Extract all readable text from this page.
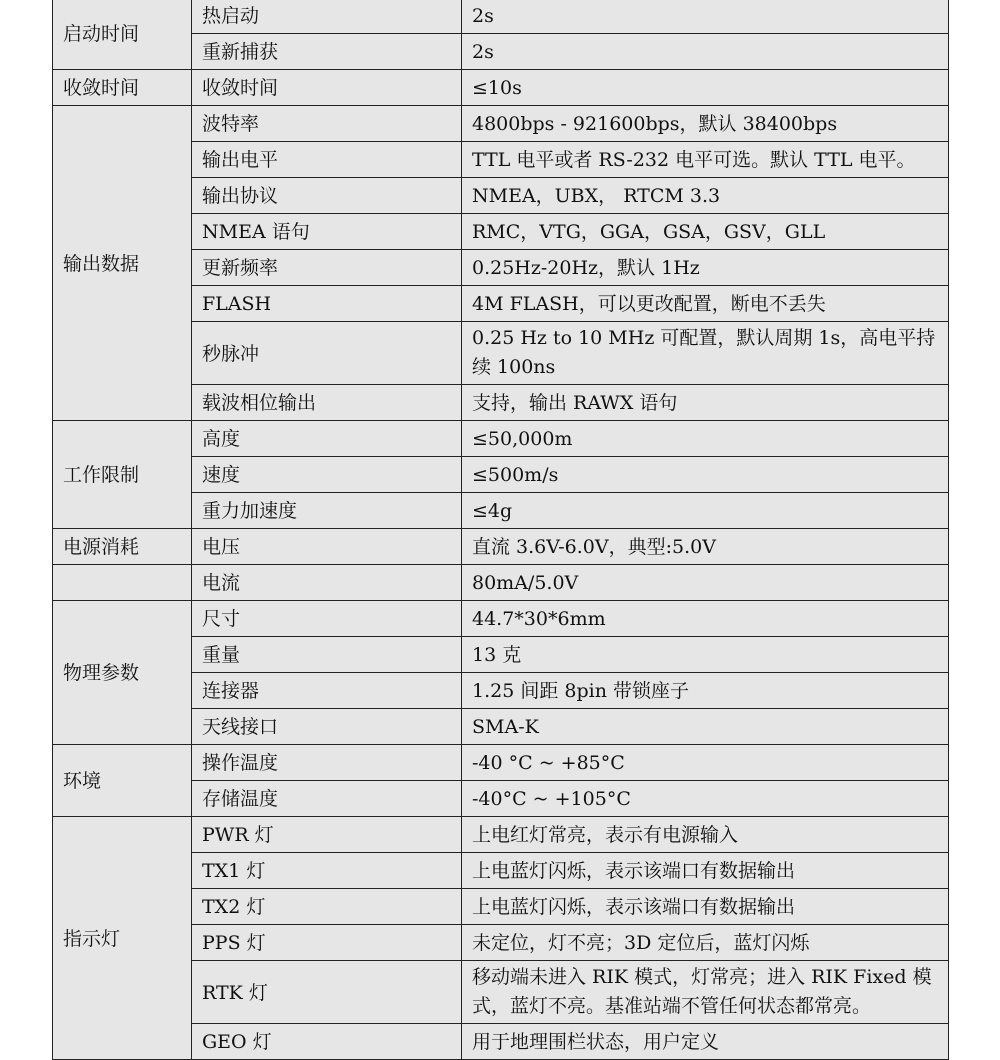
启动时间	热启动	2s
	重新捕获	2s
收敛时间	收敛时间	≤10s
输出数据	波特率	4800bps - 921600bps，默认 38400bps
	输出电平	TTL 电平或者 RS-232 电平可选。默认 TTL 电平。
	输出协议	NMEA，UBX， RTCM 3.3
	NMEA 语句	RMC，VTG，GGA，GSA，GSV，GLL
	更新频率	0.25Hz-20Hz，默认 1Hz
	FLASH	4M FLASH，可以更改配置，断电不丢失
	秒脉冲	0.25 Hz to 10 MHz 可配置，默认周期 1s，高电平持续 100ns
	载波相位输出	支持，输出 RAWX 语句
工作限制	高度	≤50,000m
	速度	≤500m/s
	重力加速度	≤4g
电源消耗	电压	直流 3.6V-6.0V，典型:5.0V
	电流	80mA/5.0V
物理参数	尺寸	44.7*30*6mm
	重量	13 克
	连接器	1.25 间距 8pin 带锁座子
	天线接口	SMA-K
环境	操作温度	-40 °C ~ +85°C
	存储温度	-40°C ~ +105°C
指示灯	PWR 灯	上电红灯常亮，表示有电源输入
	TX1 灯	上电蓝灯闪烁，表示该端口有数据输出
	TX2 灯	上电蓝灯闪烁，表示该端口有数据输出
	PPS 灯	未定位，灯不亮；3D 定位后，蓝灯闪烁
	RTK 灯	移动端未进入 RIK 模式，灯常亮；进入 RIK Fixed 模式，蓝灯不亮。基准站端不管任何状态都常亮。
	GEO 灯	用于地理围栏状态，用户定义
